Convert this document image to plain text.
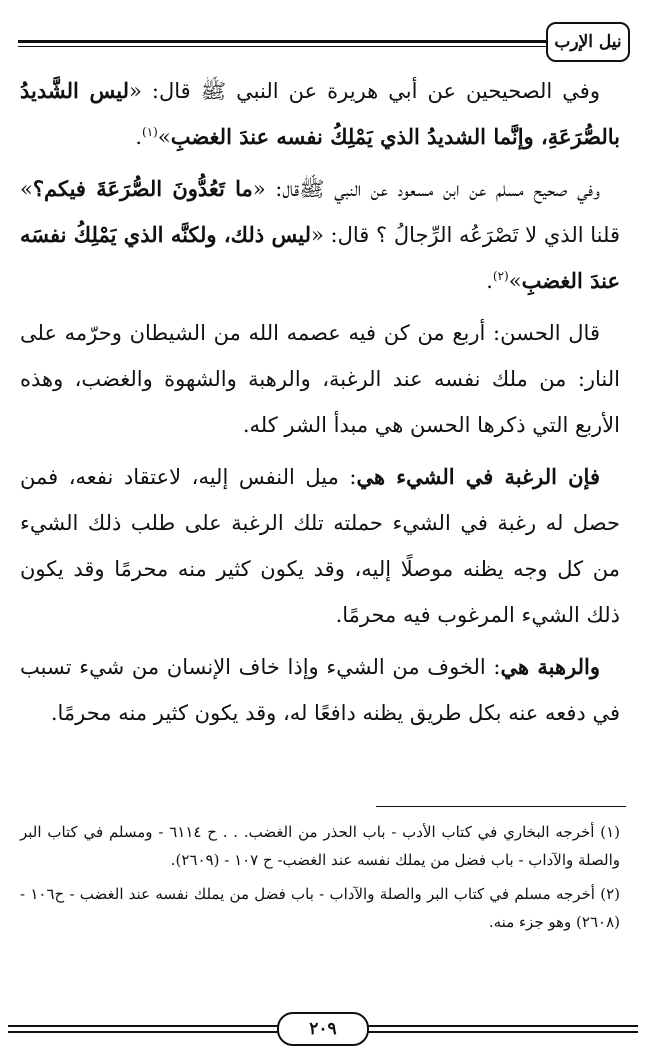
نيل الإرب

وفي الصحيحين عن أبي هريرة عن النبي ﷺ قال: «ليس الشَّديدُ بالصُّرَعَةِ، وإنَّما الشديدُ الذي يَمْلِكُ نفسه عندَ الغضبِ»$^{(١)}$.

وفي صحيح مسلم عن ابن مسعود عن النبي ﷺقال: «ما تَعُدُّونَ الصُّرَعَةَ فيكم؟» قلنا الذي لا تَصْرَعُه الرِّجالُ ؟ قال: «ليس ذلك، ولكنَّه الذي يَمْلِكُ نفسَه عندَ الغضبِ»$^{(٢)}$.

قال الحسن: أربع من كن فيه عصمه الله من الشيطان وحرّمه على النار: من ملك نفسه عند الرغبة، والرهبة والشهوة والغضب، وهذه الأربع التي ذكرها الحسن هي مبدأ الشر كله.

فإن الرغبة في الشيء هي: ميل النفس إليه، لاعتقاد نفعه، فمن حصل له رغبة في الشيء حملته تلك الرغبة على طلب ذلك الشيء من كل وجه يظنه موصلًا إليه، وقد يكون كثير منه محرمًا وقد يكون ذلك الشيء المرغوب فيه محرمًا.

والرهبة هي: الخوف من الشيء وإذا خاف الإنسان من شيء تسبب في دفعه عنه بكل طريق يظنه دافعًا له، وقد يكون كثير منه محرمًا.

(١) أخرجه البخاري في كتاب الأدب - باب الحذر من الغضب. . . ح ٦١١٤ - ومسلم في كتاب البر والصلة والآداب - باب فضل من يملك نفسه عند الغضب- ح ١٠٧ - (٢٦٠٩).

(٢) أخرجه مسلم في كتاب البر والصلة والآداب - باب فضل من يملك نفسه عند الغضب - ح١٠٦ - (٢٦٠٨) وهو جزء منه.

٢٠٩
